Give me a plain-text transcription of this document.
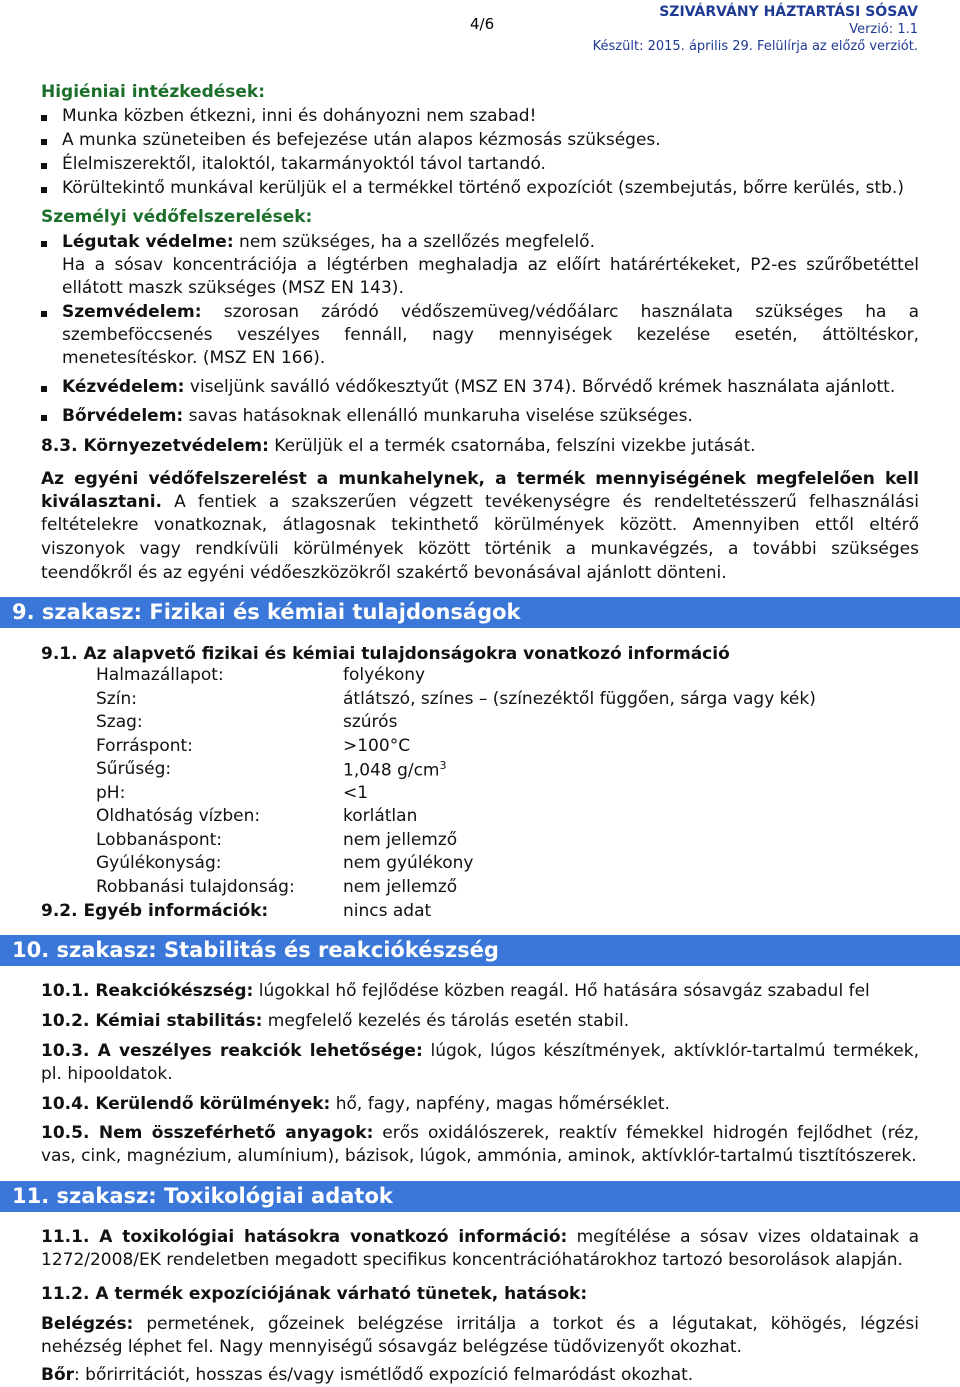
4/6
SZIVÁRVÁNY HÁZTARTÁSI SÓSAV
Verzió: 1.1
Készült: 2015. április 29. Felülírja az előző verziót.
Higiéniai intézkedések:
Munka közben étkezni, inni és dohányozni nem szabad!
A munka szüneteiben és befejezése után alapos kézmosás szükséges.
Élelmiszerektől, italoktól, takarmányoktól távol tartandó.
Körültekintő munkával kerüljük el a termékkel történő expozíciót (szembejutás, bőrre kerülés, stb.)
Személyi védőfelszerelések:
Légutak védelme: nem szükséges, ha a szellőzés megfelelő.
Ha a sósav koncentrációja a légtérben meghaladja az előírt határértékeket, P2-es szűrőbetéttel
ellátott maszk szükséges (MSZ EN 143).
Szemvédelem: szorosan záródó védőszemüveg/védőálarc használata szükséges ha a
szembeföccsenés veszélyes fennáll, nagy mennyiségek kezelése esetén, áttöltéskor,
menetesítéskor. (MSZ EN 166).
Kézvédelem: viseljünk saválló védőkesztyűt (MSZ EN 374). Bőrvédő krémek használata ajánlott.
Bőrvédelem: savas hatásoknak ellenálló munkaruha viselése szükséges.
8.3. Környezetvédelem: Kerüljük el a termék csatornába, felszíni vizekbe jutását.
Az egyéni védőfelszerelést a munkahelynek, a termék mennyiségének megfelelően kell
kiválasztani. A fentiek a szakszerűen végzett tevékenységre és rendeltetésszerű felhasználási
feltételekre vonatkoznak, átlagosnak tekinthető körülmények között. Amennyiben ettől eltérő
viszonyok vagy rendkívüli körülmények között történik a munkavégzés, a további szükséges
teendőkről és az egyéni védőeszközökről szakértő bevonásával ajánlott dönteni.
9. szakasz: Fizikai és kémiai tulajdonságok
9.1. Az alapvető fizikai és kémiai tulajdonságokra vonatkozó információ
Halmazállapot:	folyékony
Szín:	átlátszó, színes – (színezéktől függően, sárga vagy kék)
Szag:	szúrós
Forráspont:	>100°C
Sűrűség:	1,048 $g/cm^3$
pH:	<1
Oldhatóság vízben:	korlátlan
Lobbanáspont:	nem jellemző
Gyúlékonyság:	nem gyúlékony
Robbanási tulajdonság:	nem jellemző
9.2. Egyéb információk:	nincs adat
10. szakasz: Stabilitás és reakciókészség
10.1. Reakciókészség: lúgokkal hő fejlődése közben reagál. Hő hatására sósavgáz szabadul fel
10.2. Kémiai stabilitás: megfelelő kezelés és tárolás esetén stabil.
10.3. A veszélyes reakciók lehetősége: lúgok, lúgos készítmények, aktívklór-tartalmú termékek,
pl. hipooldatok.
10.4. Kerülendő körülmények: hő, fagy, napfény, magas hőmérséklet.
10.5. Nem összeférhető anyagok: erős oxidálószerek, reaktív fémekkel hidrogén fejlődhet (réz,
vas, cink, magnézium, alumínium), bázisok, lúgok, ammónia, aminok, aktívklór-tartalmú tisztítószerek.
11. szakasz: Toxikológiai adatok
11.1. A toxikológiai hatásokra vonatkozó információ: megítélése a sósav vizes oldatainak a
1272/2008/EK rendeletben megadott specifikus koncentrációhatárokhoz tartozó besorolások alapján.
11.2. A termék expozíciójának várható tünetek, hatások:
Belégzés: permetének, gőzeinek belégzése irritálja a torkot és a légutakat, köhögés, légzési
nehézség léphet fel. Nagy mennyiségű sósavgáz belégzése tüdővizenyőt okozhat.
Bőr: bőrirritációt, hosszas és/vagy ismétlődő expozíció felmaródást okozhat.
